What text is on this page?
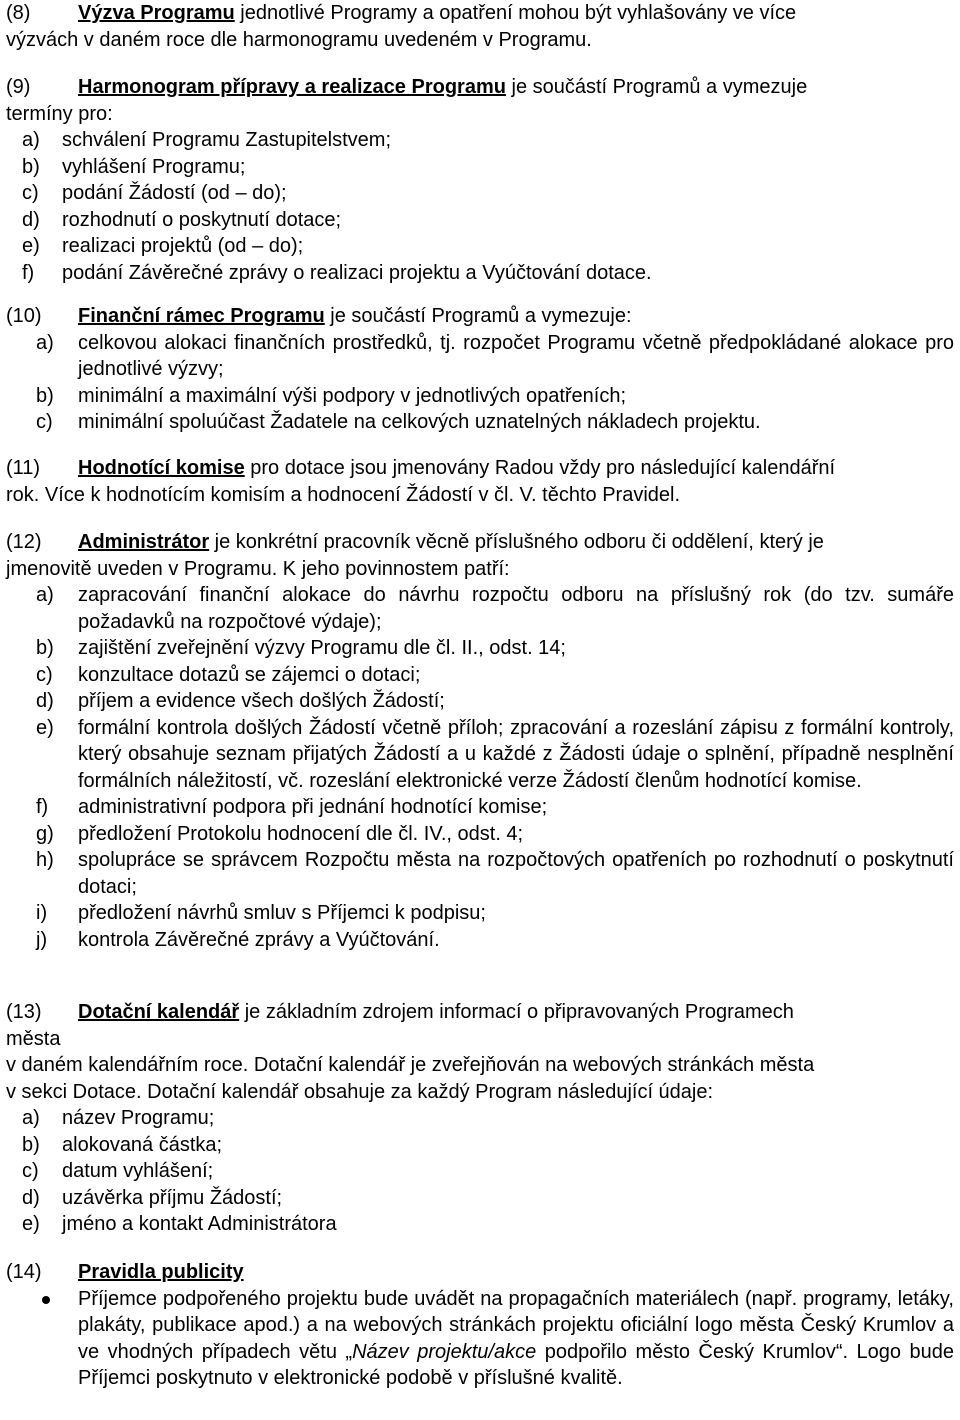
(8) Výzva Programu jednotlivé Programy a opatření mohou být vyhlašovány ve více

výzvách v daném roce dle harmonogramu uvedeném v Programu.

(9) Harmonogram přípravy a realizace Programu je součástí Programů a vymezuje

termíny pro:

a) schválení Programu Zastupitelstvem;
b) vyhlášení Programu;
c) podání Žádostí (od – do);
d) rozhodnutí o poskytnutí dotace;
e) realizaci projektů (od – do);
f) podání Závěrečné zprávy o realizaci projektu a Vyúčtování dotace.

(10) Finanční rámec Programu je součástí Programů a vymezuje:

a) celkovou alokaci finančních prostředků, tj. rozpočet Programu včetně předpokládané alokace pro jednotlivé výzvy;
b) minimální a maximální výši podpory v jednotlivých opatřeních;
c) minimální spoluúčast Žadatele na celkových uznatelných nákladech projektu.

(11) Hodnotící komise pro dotace jsou jmenovány Radou vždy pro následující kalendářní

rok. Více k hodnotícím komisím a hodnocení Žádostí v čl. V. těchto Pravidel.

(12) Administrátor je konkrétní pracovník věcně příslušného odboru či oddělení, který je

jmenovitě uveden v Programu. K jeho povinnostem patří:

a) zapracování finanční alokace do návrhu rozpočtu odboru na příslušný rok (do tzv. sumáře požadavků na rozpočtové výdaje);
b) zajištění zveřejnění výzvy Programu dle čl. II., odst. 14;
c) konzultace dotazů se zájemci o dotaci;
d) příjem a evidence všech došlých Žádostí;
e) formální kontrola došlých Žádostí včetně příloh; zpracování a rozeslání zápisu z formální kontroly, který obsahuje seznam přijatých Žádostí a u každé z Žádosti údaje o splnění, případně nesplnění formálních náležitostí, vč. rozeslání elektronické verze Žádostí členům hodnotící komise.
f) administrativní podpora při jednání hodnotící komise;
g) předložení Protokolu hodnocení dle čl. IV., odst. 4;
h) spolupráce se správcem Rozpočtu města na rozpočtových opatřeních po rozhodnutí o poskytnutí dotaci;
i) předložení návrhů smluv s Příjemci k podpisu;
j) kontrola Závěrečné zprávy a Vyúčtování.

(13) Dotační kalendář je základním zdrojem informací o připravovaných Programech

města

v daném kalendářním roce. Dotační kalendář je zveřejňován na webových stránkách města

v sekci Dotace. Dotační kalendář obsahuje za každý Program následující údaje:

a) název Programu;
b) alokovaná částka;
c) datum vyhlášení;
d) uzávěrka příjmu Žádostí;
e) jméno a kontakt Administrátora

(14) Pravidla publicity

Příjemce podpořeného projektu bude uvádět na propagačních materiálech (např. programy, letáky, plakáty, publikace apod.) a na webových stránkách projektu oficiální logo města Český Krumlov a ve vhodných případech větu „Název projektu/akce podpořilo město Český Krumlov“. Logo bude Příjemci poskytnuto v elektronické podobě v příslušné kvalitě.
